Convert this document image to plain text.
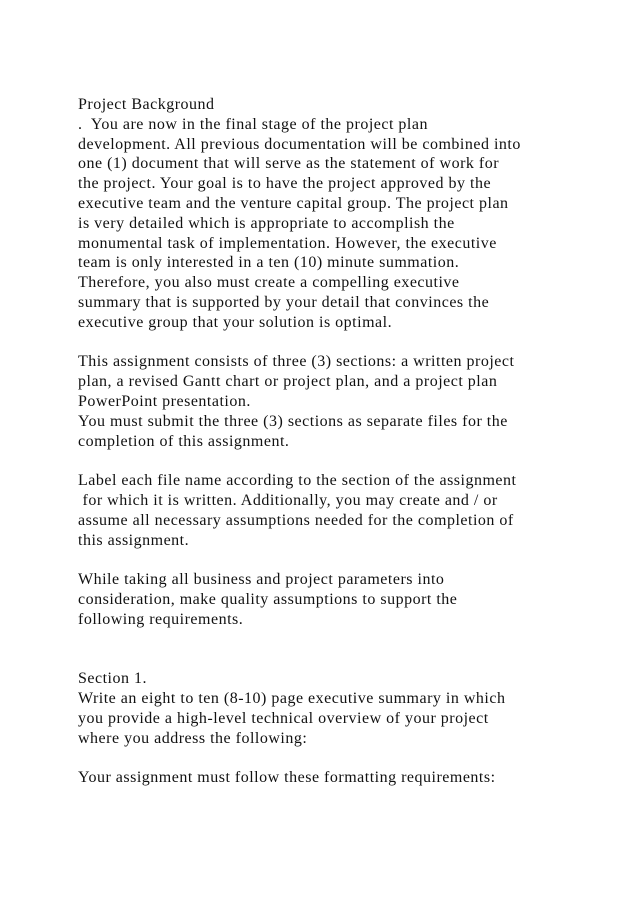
Project Background
.  You are now in the final stage of the project plan
development. All previous documentation will be combined into
one (1) document that will serve as the statement of work for
the project. Your goal is to have the project approved by the
executive team and the venture capital group. The project plan
is very detailed which is appropriate to accomplish the
monumental task of implementation. However, the executive
team is only interested in a ten (10) minute summation.
Therefore, you also must create a compelling executive
summary that is supported by your detail that convinces the
executive group that your solution is optimal.
This assignment consists of three (3) sections: a written project
plan, a revised Gantt chart or project plan, and a project plan
PowerPoint presentation.
You must submit the three (3) sections as separate files for the
completion of this assignment.
Label each file name according to the section of the assignment
for which it is written. Additionally, you may create and / or
assume all necessary assumptions needed for the completion of
this assignment.
While taking all business and project parameters into
consideration, make quality assumptions to support the
following requirements.
Section 1.
Write an eight to ten (8-10) page executive summary in which
you provide a high-level technical overview of your project
where you address the following:
Your assignment must follow these formatting requirements:
